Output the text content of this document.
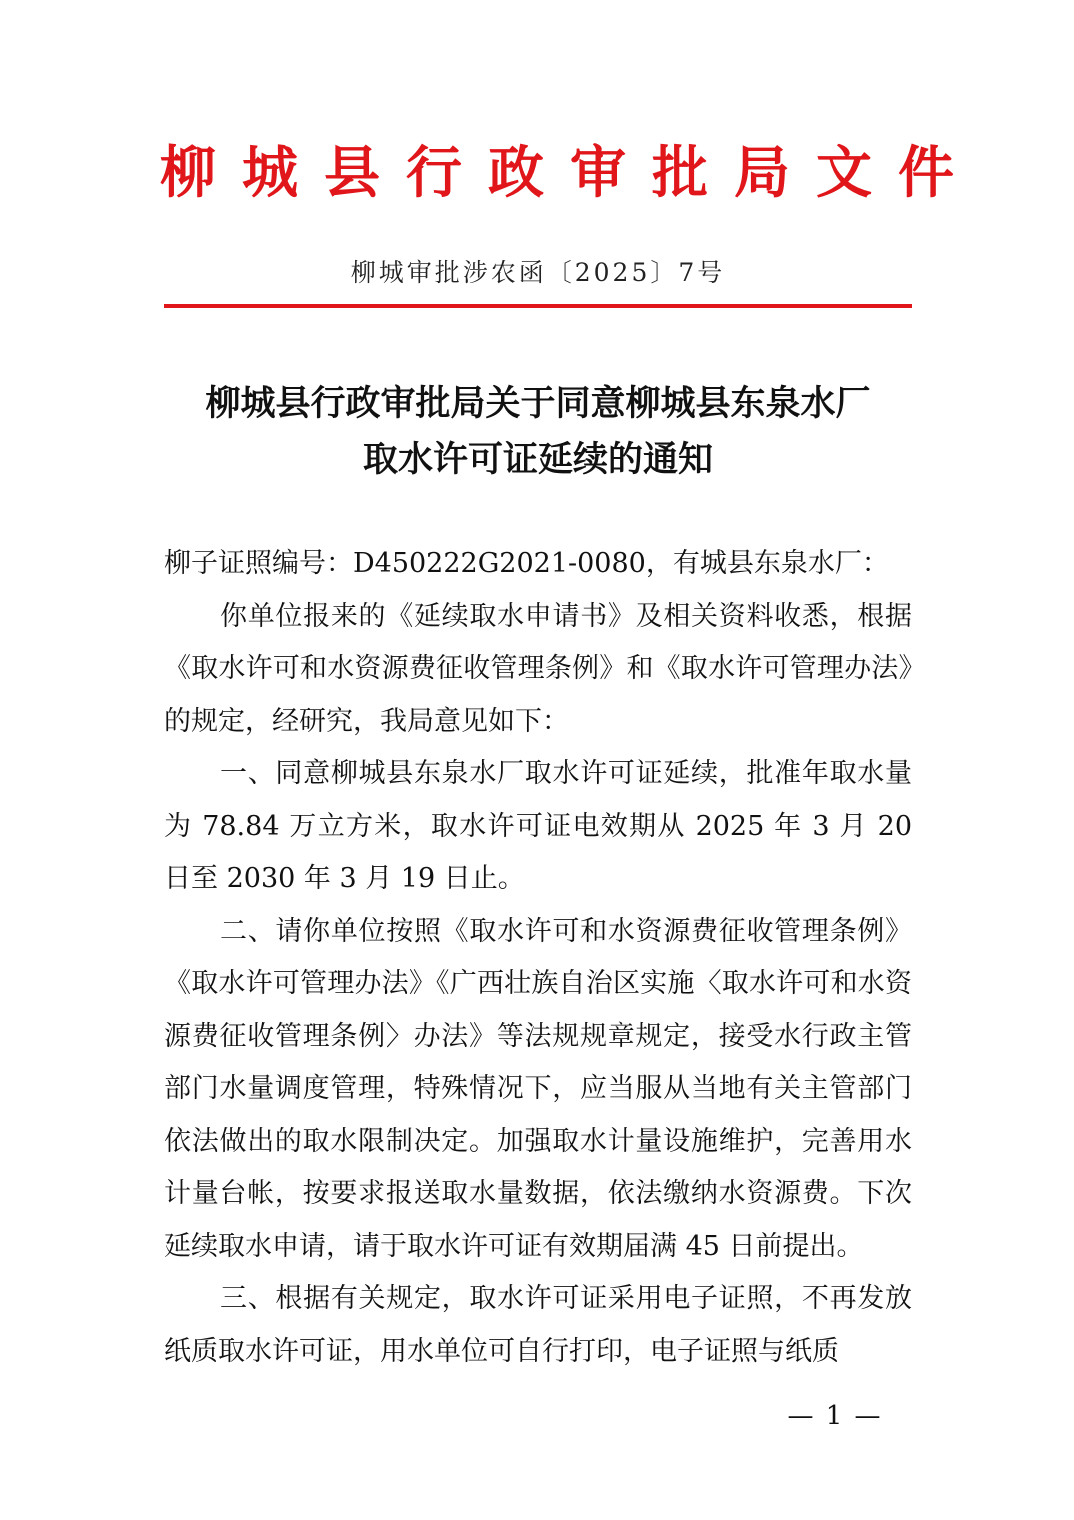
柳城县行政审批局文件
柳城审批涉农函〔2025〕7号
柳城县行政审批局关于同意柳城县东泉水厂
取水许可证延续的通知

柳子证照编号：D450222G2021-0080，有城县东泉水厂：

你单位报来的《延续取水申请书》及相关资料收悉，根据《取水许可和水资源费征收管理条例》和《取水许可管理办法》的规定，经研究，我局意见如下：

一、同意柳城县东泉水厂取水许可证延续，批准年取水量为 78.84 万立方米，取水许可证电效期从 2025 年 3 月 20 日至 2030 年 3 月 19 日止。

二、请你单位按照《取水许可和水资源费征收管理条例》《取水许可管理办法》《广西壮族自治区实施〈取水许可和水资源费征收管理条例〉办法》等法规规章规定，接受水行政主管部门水量调度管理，特殊情况下，应当服从当地有关主管部门依法做出的取水限制决定。加强取水计量设施维护，完善用水计量台帐，按要求报送取水量数据，依法缴纳水资源费。下次延续取水申请，请于取水许可证有效期届满 45 日前提出。

三、根据有关规定，取水许可证采用电子证照，不再发放纸质取水许可证，用水单位可自行打印，电子证照与纸质

— 1 —
